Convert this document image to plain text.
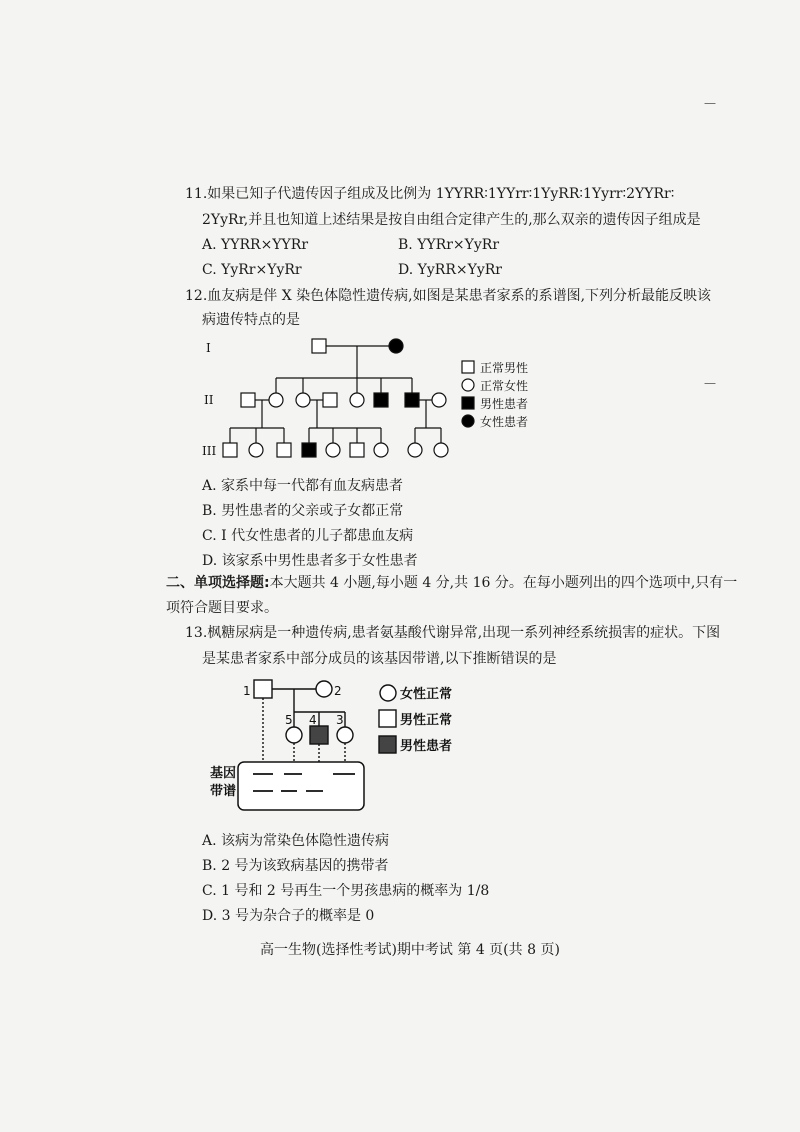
—
—
11.如果已知子代遗传因子组成及比例为 1YYRR∶1YYrr∶1YyRR∶1Yyrr∶2YYRr∶
2YyRr,并且也知道上述结果是按自由组合定律产生的,那么双亲的遗传因子组成是
A. YYRR×YYRr	B. YYRr×YyRr
C. YyRr×YyRr	D. YyRR×YyRr
12.血友病是伴 X 染色体隐性遗传病,如图是某患者家系的系谱图,下列分析最能反映该
病遗传特点的是
I
II
III
正常男性
正常女性
男性患者
女性患者
A. 家系中每一代都有血友病患者
B. 男性患者的父亲或子女都正常
C. I 代女性患者的儿子都患血友病
D. 该家系中男性患者多于女性患者
二、单项选择题:本大题共 4 小题,每小题 4 分,共 16 分。在每小题列出的四个选项中,只有一
项符合题目要求。
13.枫糖尿病是一种遗传病,患者氨基酸代谢异常,出现一系列神经系统损害的症状。下图
是某患者家系中部分成员的该基因带谱,以下推断错误的是
1	2
5 4 3
基因
带谱
女性正常
男性正常
男性患者
A. 该病为常染色体隐性遗传病
B. 2 号为该致病基因的携带者
C. 1 号和 2 号再生一个男孩患病的概率为 1/8
D. 3 号为杂合子的概率是 0
高一生物(选择性考试)期中考试 第 4 页(共 8 页)
